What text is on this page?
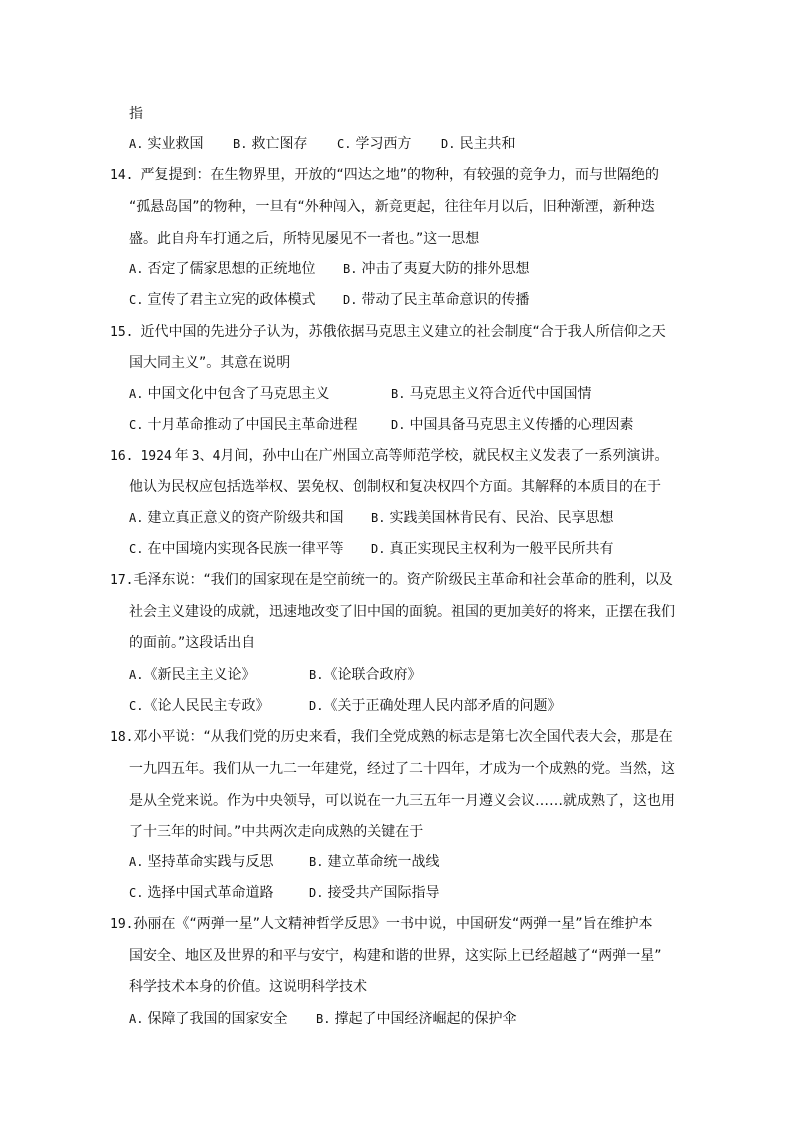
指
A. 实业救国 B. 救亡图存 C. 学习西方 D. 民主共和
14. 严复提到：在生物界里，开放的“四达之地”的物种，有较强的竞争力，而与世隔绝的
“孤悬岛国”的物种，一旦有“外种闯入，新竞更起，往往年月以后，旧种渐湮，新种迭
盛。此自舟车打通之后，所特见屡见不一者也。”这一思想
A. 否定了儒家思想的正统地位 B. 冲击了夷夏大防的排外思想
C. 宣传了君主立宪的政体模式 D. 带动了民主革命意识的传播
15. 近代中国的先进分子认为，苏俄依据马克思主义建立的社会制度“合于我人所信仰之天
国大同主义”。其意在说明
A. 中国文化中包含了马克思主义	B. 马克思主义符合近代中国国情
C. 十月革命推动了中国民主革命进程	D. 中国具备马克思主义传播的心理因素
16. 1924 年 3、4月间，孙中山在广州国立高等师范学校，就民权主义发表了一系列演讲。
他认为民权应包括选举权、罢免权、创制权和复决权四个方面。其解释的本质目的在于
A. 建立真正意义的资产阶级共和国 B. 实践美国林肯民有、民治、民享思想
C. 在中国境内实现各民族一律平等 D. 真正实现民主权利为一般平民所共有
17.毛泽东说：“我们的国家现在是空前统一的。资产阶级民主革命和社会革命的胜利，以及
社会主义建设的成就，迅速地改变了旧中国的面貌。祖国的更加美好的将来，正摆在我们
的面前。”这段话出自
A.《新民主主义论》	B.《论联合政府》
C.《论人民民主专政》	D.《关于正确处理人民内部矛盾的问题》
18.邓小平说：“从我们党的历史来看，我们全党成熟的标志是第七次全国代表大会，那是在
一九四五年。我们从一九二一年建党，经过了二十四年，才成为一个成熟的党。当然，这
是从全党来说。作为中央领导，可以说在一九三五年一月遵义会议……就成熟了，这也用
了十三年的时间。”中共两次走向成熟的关键在于
A. 坚持革命实践与反思	B. 建立革命统一战线
C. 选择中国式革命道路	D. 接受共产国际指导
19.孙丽在《“两弹一星”人文精神哲学反思》一书中说，中国研发“两弹一星”旨在维护本
国安全、地区及世界的和平与安宁，构建和谐的世界，这实际上已经超越了“两弹一星”
科学技术本身的价值。这说明科学技术
A. 保障了我国的国家安全 B. 撑起了中国经济崛起的保护伞
